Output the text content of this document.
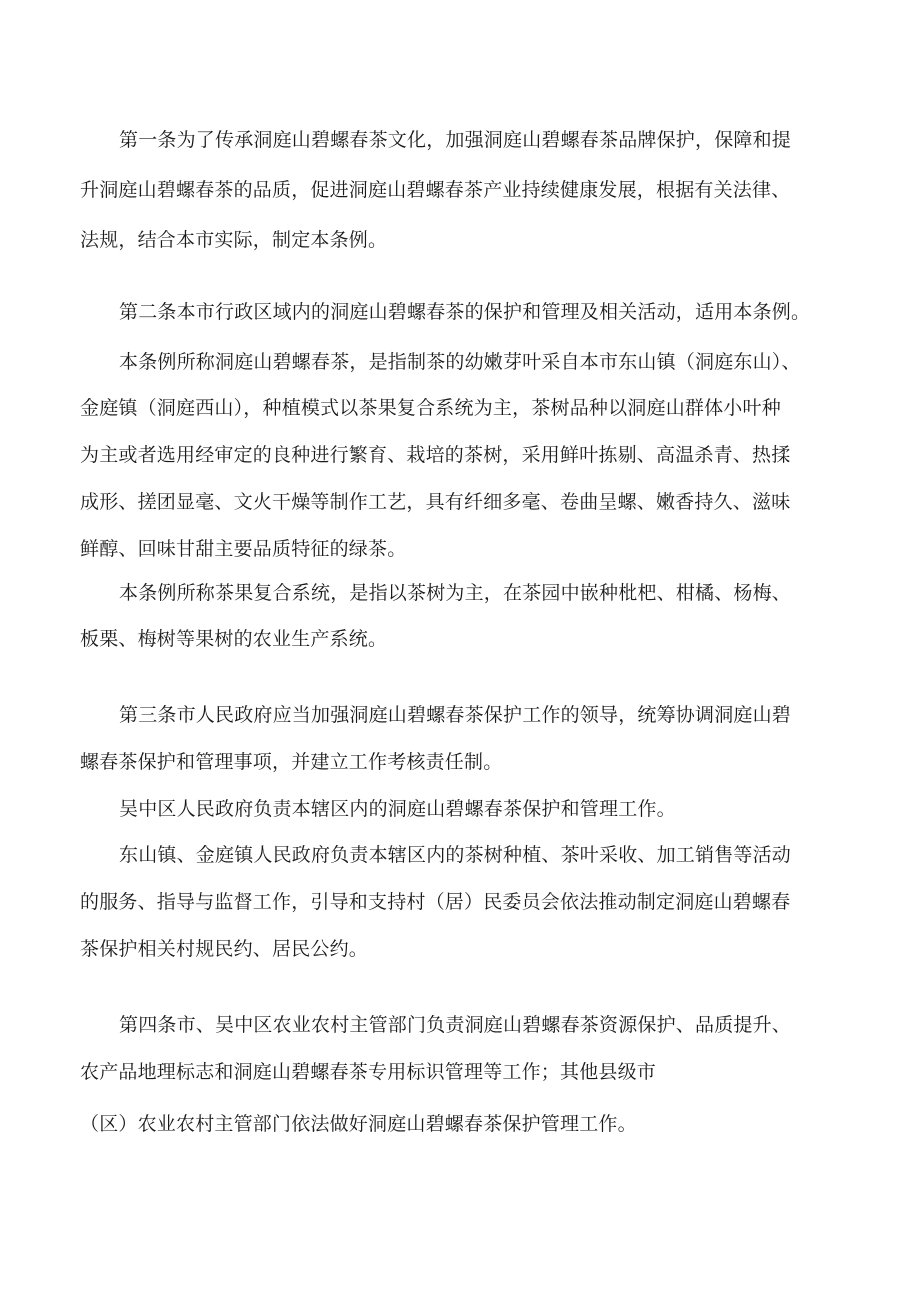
第一条为了传承洞庭山碧螺春茶文化，加强洞庭山碧螺春茶品牌保护，保障和提
升洞庭山碧螺春茶的品质，促进洞庭山碧螺春茶产业持续健康发展，根据有关法律、
法规，结合本市实际，制定本条例。
第二条本市行政区域内的洞庭山碧螺春茶的保护和管理及相关活动，适用本条例。
本条例所称洞庭山碧螺春茶，是指制茶的幼嫩芽叶采自本市东山镇（洞庭东山）、
金庭镇（洞庭西山），种植模式以茶果复合系统为主，茶树品种以洞庭山群体小叶种
为主或者选用经审定的良种进行繁育、栽培的茶树，采用鲜叶拣剔、高温杀青、热揉
成形、搓团显毫、文火干燥等制作工艺，具有纤细多毫、卷曲呈螺、嫩香持久、滋味
鲜醇、回味甘甜主要品质特征的绿茶。
本条例所称茶果复合系统，是指以茶树为主，在茶园中嵌种枇杷、柑橘、杨梅、
板栗、梅树等果树的农业生产系统。
第三条市人民政府应当加强洞庭山碧螺春茶保护工作的领导，统筹协调洞庭山碧
螺春茶保护和管理事项，并建立工作考核责任制。
吴中区人民政府负责本辖区内的洞庭山碧螺春茶保护和管理工作。
东山镇、金庭镇人民政府负责本辖区内的茶树种植、茶叶采收、加工销售等活动
的服务、指导与监督工作，引导和支持村（居）民委员会依法推动制定洞庭山碧螺春
茶保护相关村规民约、居民公约。
第四条市、吴中区农业农村主管部门负责洞庭山碧螺春茶资源保护、品质提升、
农产品地理标志和洞庭山碧螺春茶专用标识管理等工作；其他县级市
（区）农业农村主管部门依法做好洞庭山碧螺春茶保护管理工作。
